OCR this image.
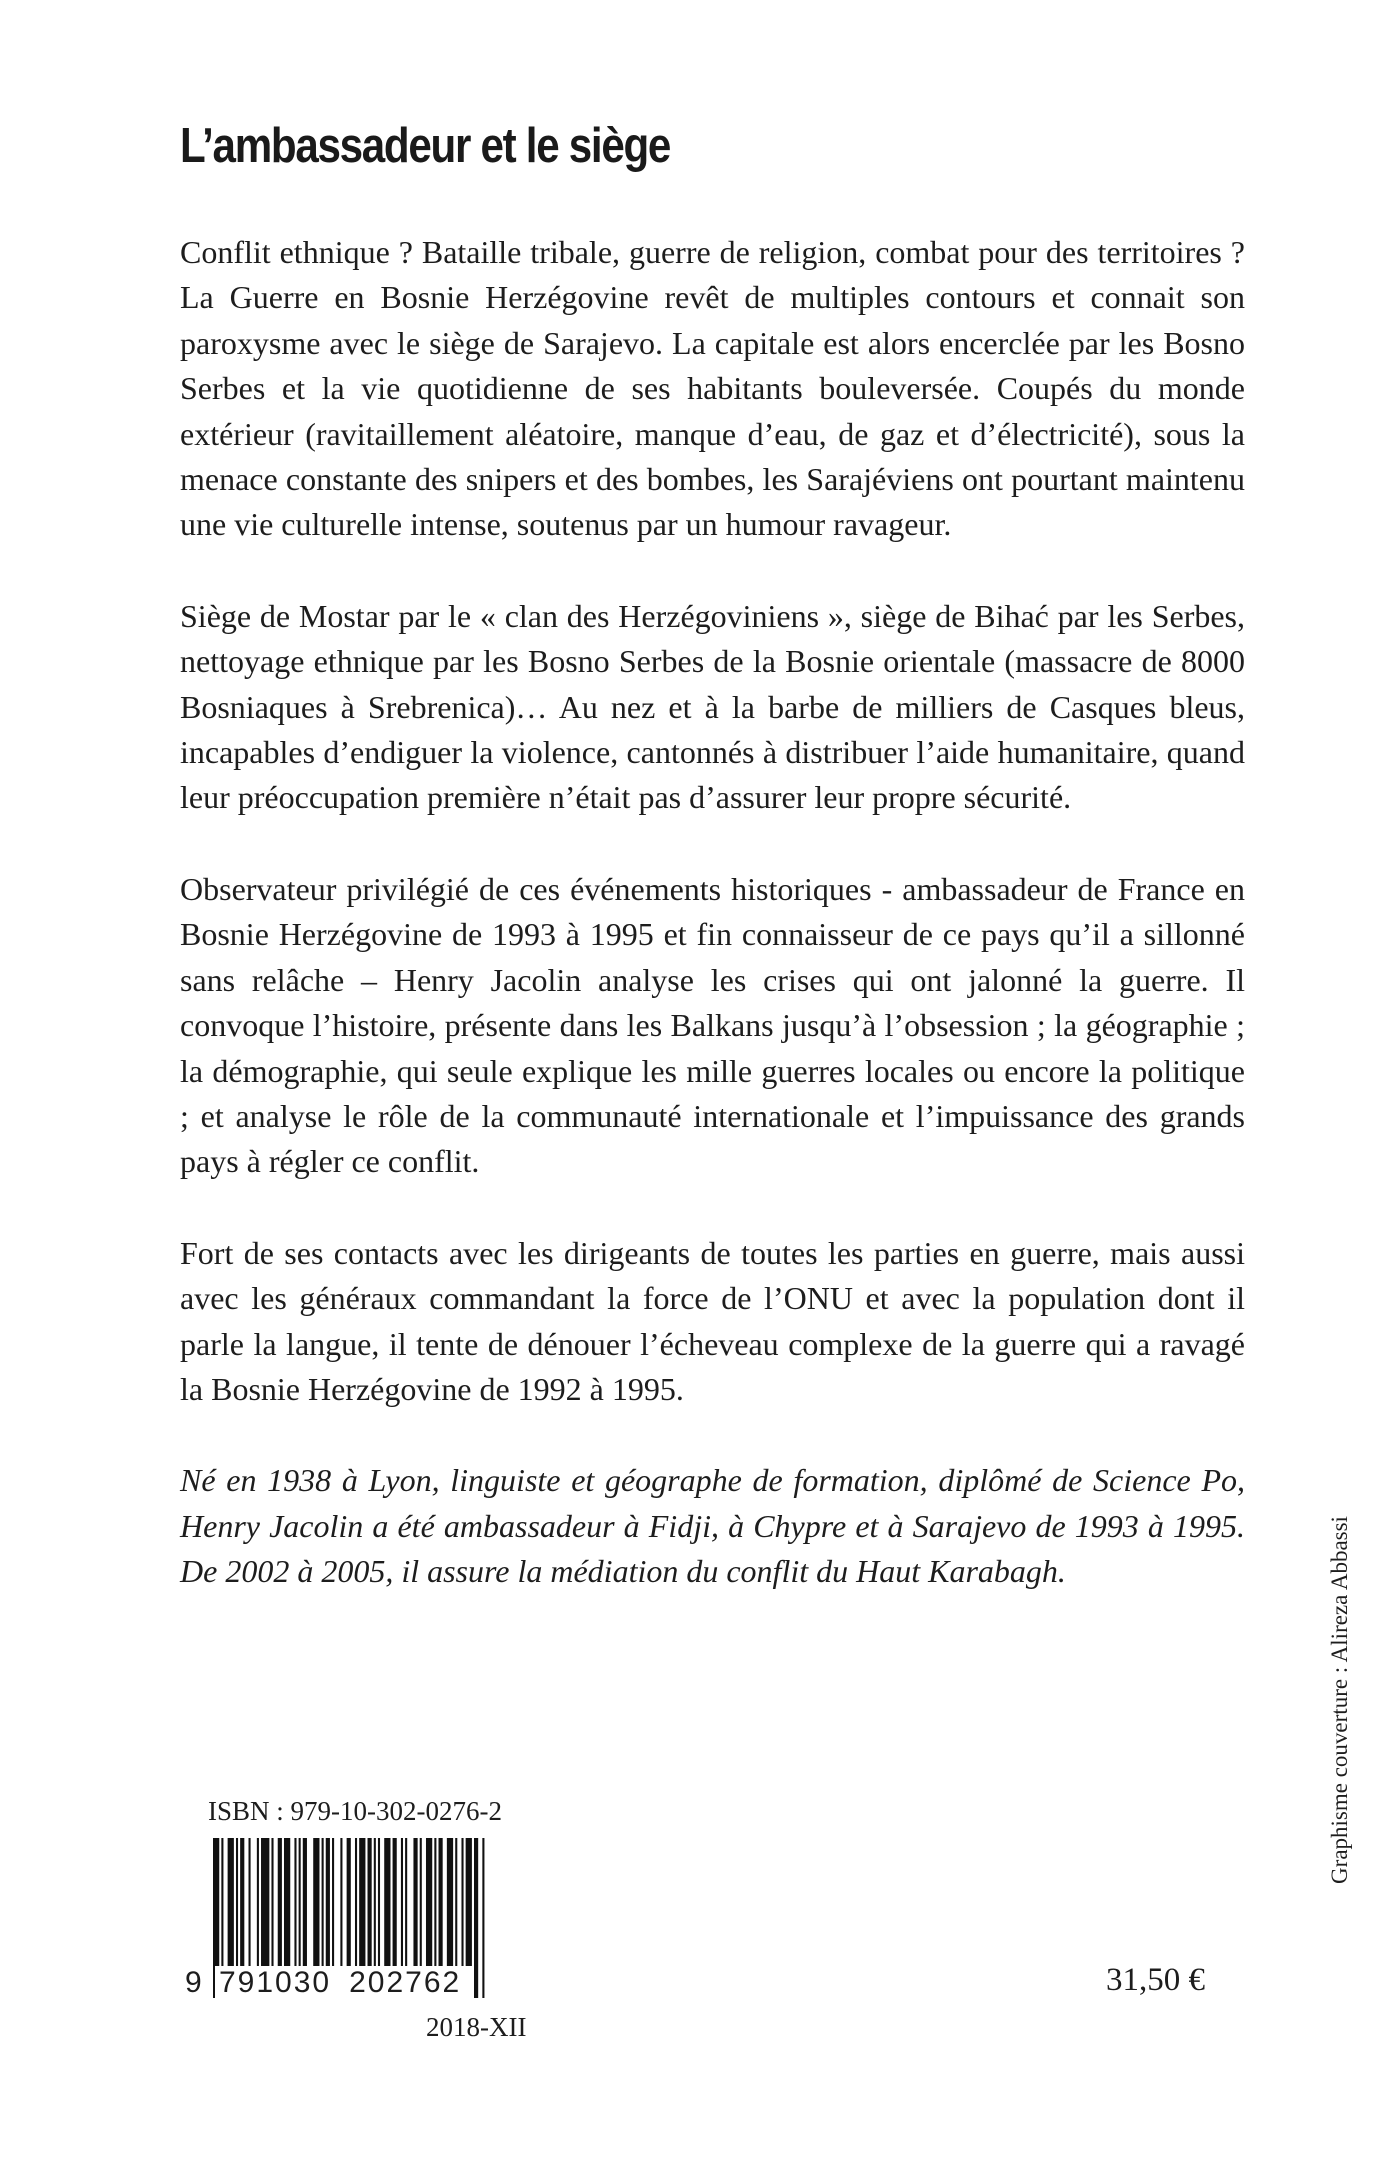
L’ambassadeur et le siège

Conflit ethnique ? Bataille tribale, guerre de religion, combat pour des territoires ? La Guerre en Bosnie Herzégovine revêt de multiples contours et connait son paroxysme avec le siège de Sarajevo. La capitale est alors encerclée par les Bosno Serbes et la vie quotidienne de ses habitants bouleversée. Coupés du monde extérieur (ravitaillement aléatoire, manque d’eau, de gaz et d’électricité), sous la menace constante des snipers et des bombes, les Sarajéviens ont pourtant maintenu une vie culturelle intense, soutenus par un humour ravageur.

Siège de Mostar par le « clan des Herzégoviniens », siège de Bihać par les Serbes, nettoyage ethnique par les Bosno Serbes de la Bosnie orientale (massacre de 8000 Bosniaques à Srebrenica)… Au nez et à la barbe de milliers de Casques bleus, incapables d’endiguer la violence, cantonnés à distribuer l’aide humanitaire, quand leur préoccupation première n’était pas d’assurer leur propre sécurité.

Observateur privilégié de ces événements historiques - ambassadeur de France en Bosnie Herzégovine de 1993 à 1995 et fin connaisseur de ce pays qu’il a sillonné sans relâche – Henry Jacolin analyse les crises qui ont jalonné la guerre. Il convoque l’histoire, présente dans les Balkans jusqu’à l’obsession ; la géographie ; la démographie, qui seule explique les mille guerres locales ou encore la politique ; et analyse le rôle de la communauté internationale et l’impuissance des grands pays à régler ce conflit.

Fort de ses contacts avec les dirigeants de toutes les parties en guerre, mais aussi avec les généraux commandant la force de l’ONU et avec la population dont il parle la langue, il tente de dénouer l’écheveau complexe de la guerre qui a ravagé la Bosnie Herzégovine de 1992 à 1995.

Né en 1938 à Lyon, linguiste et géographe de formation, diplômé de Science Po, Henry Jacolin a été ambassadeur à Fidji, à Chypre et à Sarajevo de 1993 à 1995. De 2002 à 2005, il assure la médiation du conflit du Haut Karabagh.	Graphisme couverture : Alireza Abbassi
ISBN : 979-10-302-0276-2
9 791030 202762
2018-XII
31,50 €
